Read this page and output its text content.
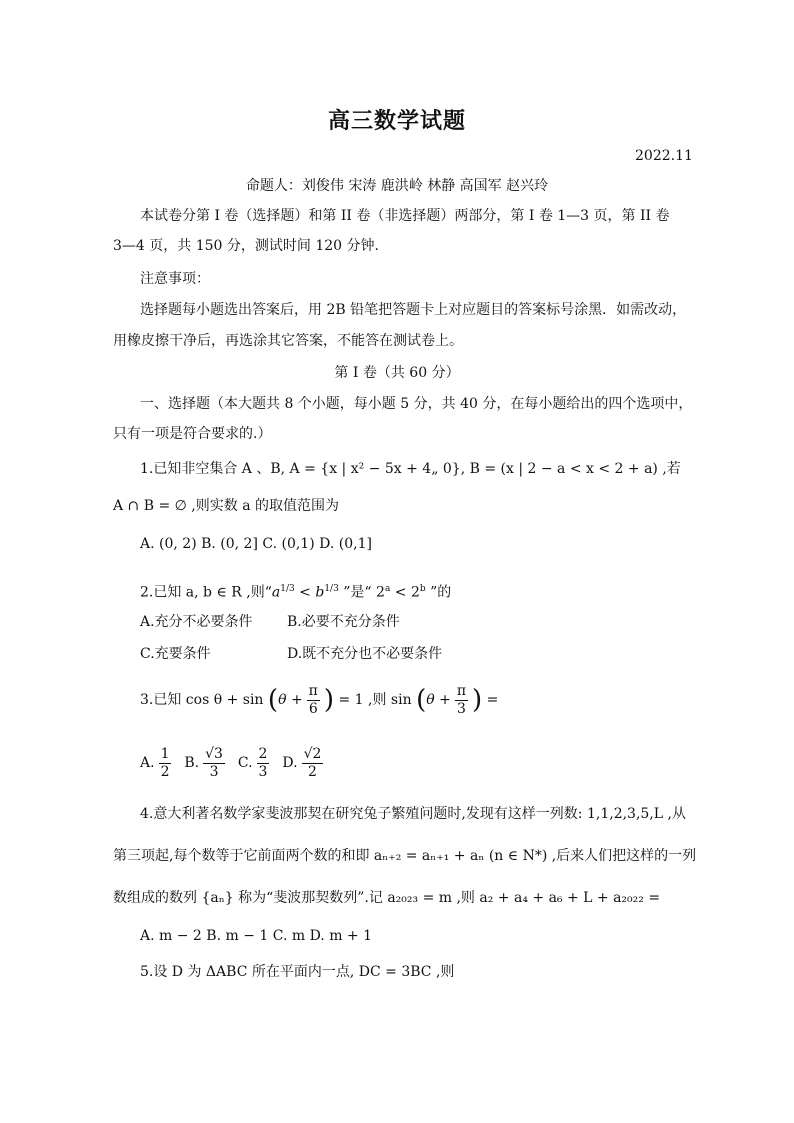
高三数学试题
2022.11
命题人：刘俊伟 宋涛 鹿洪岭 林静 高国军 赵兴玲
本试卷分第 I 卷（选择题）和第 II 卷（非选择题）两部分，第 I 卷 1—3 页，第 II 卷
3—4 页，共 150 分，测试时间 120 分钟．
注意事项：
选择题每小题选出答案后，用 2B 铅笔把答题卡上对应题目的答案标号涂黑．如需改动，
用橡皮擦干净后，再选涂其它答案，不能答在测试卷上。
第 I 卷（共 60 分）
一、选择题（本大题共 8 个小题，每小题 5 分，共 40 分，在每小题给出的四个选项中，
只有一项是符合要求的.）
1.已知非空集合 A 、B, A = {x | x² − 5x + 4„ 0}, B = (x | 2 − a < x < 2 + a) ,若
A ∩ B = ∅ ,则实数 a 的取值范围为
A. (0, 2) B. (0, 2] C. (0,1) D. (0,1]
2.已知 a, b ∈ R ,则“$a^{1/3} < b^{1/3}$ ”是“ $2^a < 2^b$ ”的
A.充分不必要条件 B.必要不充分条件
C.充要条件	D.既不充分也不必要条件
3.已知 $\cos \theta + \sin (\theta + \frac{\pi}{6}$ ) = 1 ,则 $\sin (\theta + \frac{\pi}{3}$ ) =
A. $\frac{1}{2} B$. $\frac{√3}{3} C$. $\frac{2}{3} D$. $\frac{√2}{2}$
4.意大利著名数学家斐波那契在研究兔子繁殖问题时,发现有这样一列数: 1,1,2,3,5,L ,从
第三项起,每个数等于它前面两个数的和即 aₙ₊₂ = aₙ₊₁ + aₙ (n ∈ N*) ,后来人们把这样的一列
数组成的数列 {aₙ} 称为“斐波那契数列”.记 a₂₀₂₃ = m ,则 a₂ + a₄ + a₆ + L + a₂₀₂₂ =
A. m − 2 B. m − 1 C. m D. m + 1
5.设 D 为 ΔABC 所在平面内一点, DC = 3BC ,则
